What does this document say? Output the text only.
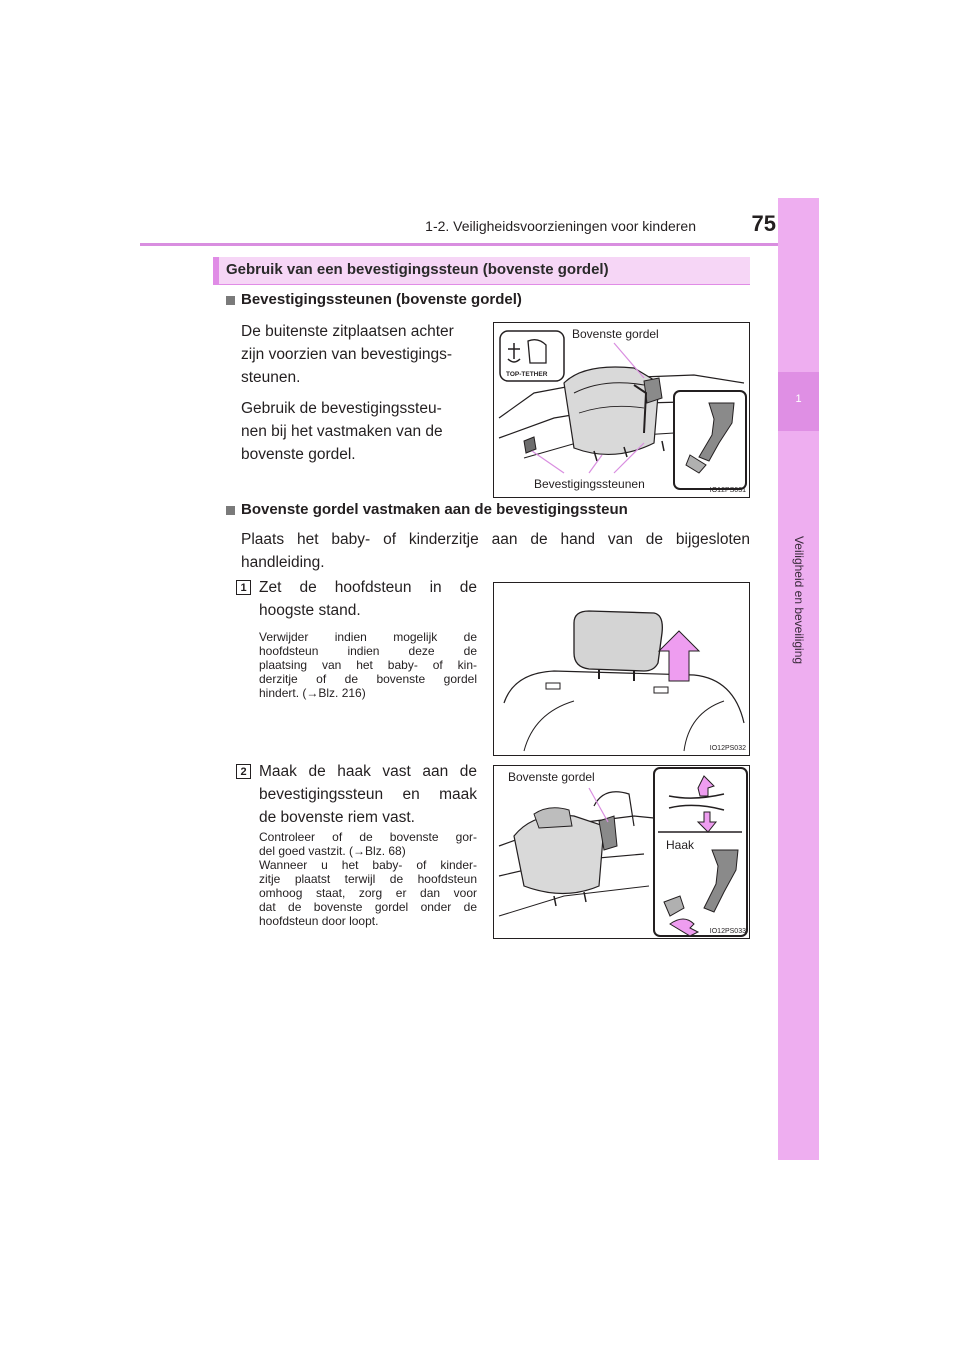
1-2. Veiligheidsvoorzieningen voor kinderen	75
1
Veiligheid en beveiliging
Gebruik van een bevestigingssteun (bovenste gordel)
Bevestigingssteunen (bovenste gordel)
De buitenste zitplaatsen achter
zijn voorzien van bevestigings-
steunen.
Gebruik de bevestigingssteu-
nen bij het vastmaken van de
bovenste gordel.
TOP-TETHER
Bovenste gordel
Bevestigingssteunen	IO12PS031
Bovenste gordel vastmaken aan de bevestigingssteun
Plaats het baby- of kinderzitje aan de hand van de bijgesloten
handleiding.
1 Zet de hoofdsteun in de
hoogste stand.
Verwijder indien mogelijk de
hoofdsteun indien deze de
plaatsing van het baby- of kin-
derzitje of de bovenste gordel
hindert. (→Blz. 216)
IO12PS032
2 Maak de haak vast aan de
bevestigingssteun en maak
de bovenste riem vast.
Controleer of de bovenste gor-
del goed vastzit. (→Blz. 68)
Wanneer u het baby- of kinder-
zitje plaatst terwijl de hoofdsteun
omhoog staat, zorg er dan voor
dat de bovenste gordel onder de
hoofdsteun door loopt.
Bovenste gordel
Haak
IO12PS033
